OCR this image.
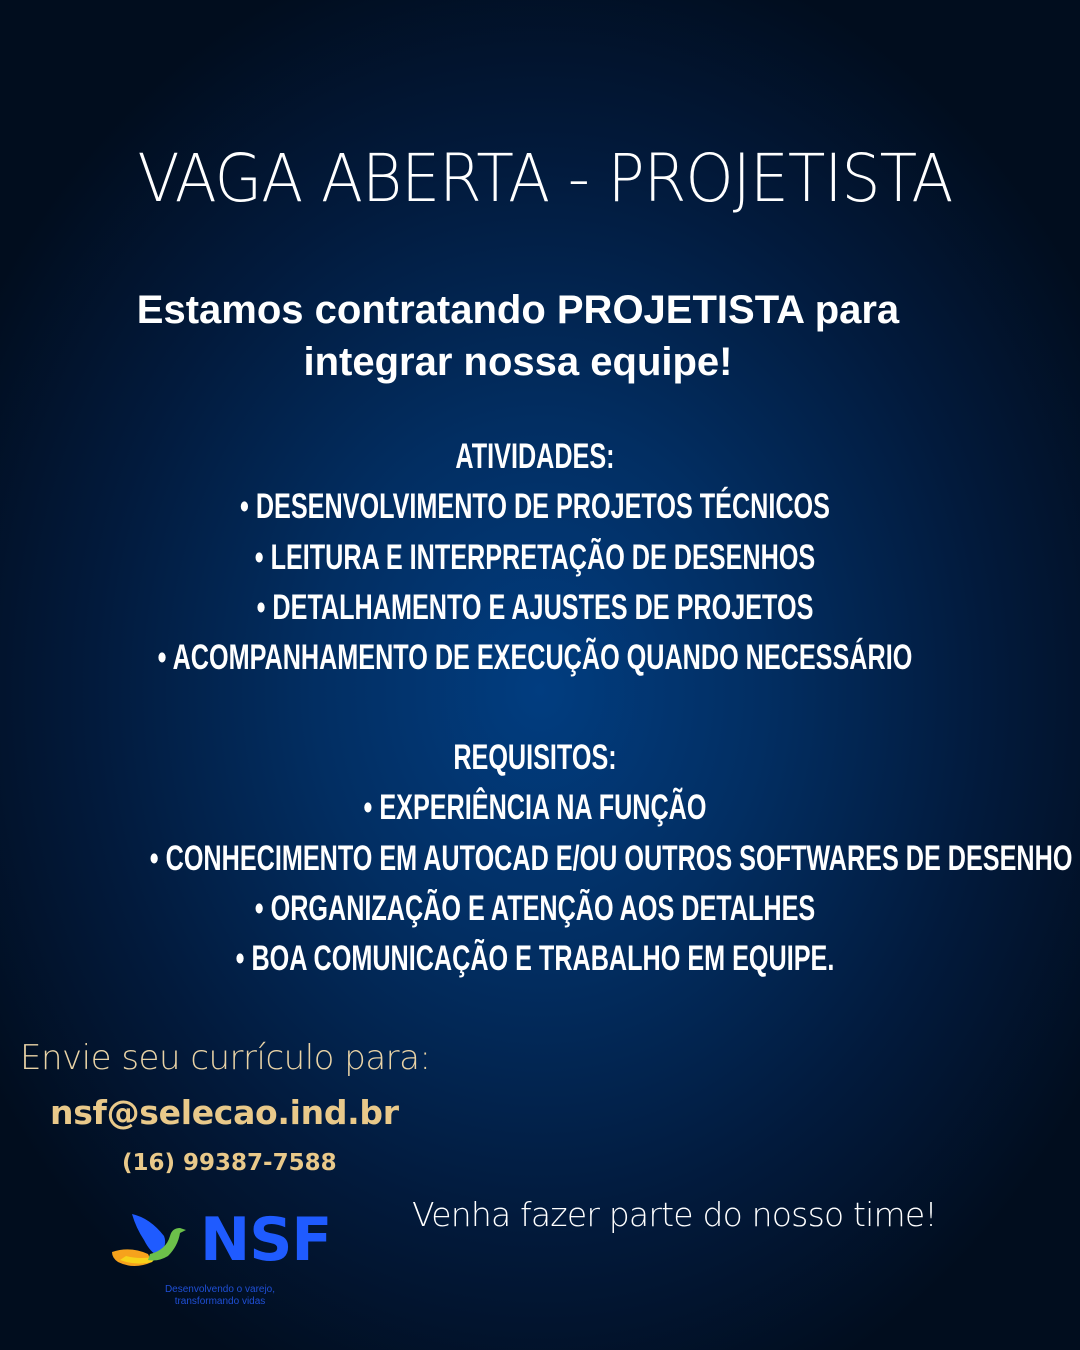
VAGA ABERTA - PROJETISTA
Estamos contratando PROJETISTA para
integrar nossa equipe!
ATIVIDADES:
• DESENVOLVIMENTO DE PROJETOS TÉCNICOS
• LEITURA E INTERPRETAÇÃO DE DESENHOS
• DETALHAMENTO E AJUSTES DE PROJETOS
• ACOMPANHAMENTO DE EXECUÇÃO QUANDO NECESSÁRIO
REQUISITOS:
• EXPERIÊNCIA NA FUNÇÃO
• CONHECIMENTO EM AUTOCAD E/OU OUTROS SOFTWARES DE DESENHO
• ORGANIZAÇÃO E ATENÇÃO AOS DETALHES
• BOA COMUNICAÇÃO E TRABALHO EM EQUIPE.
Envie seu currículo para:
nsf@selecao.ind.br
(16) 99387-7588
Venha fazer parte do nosso time!
NSF
Desenvolvendo o varejo,
transformando vidas
